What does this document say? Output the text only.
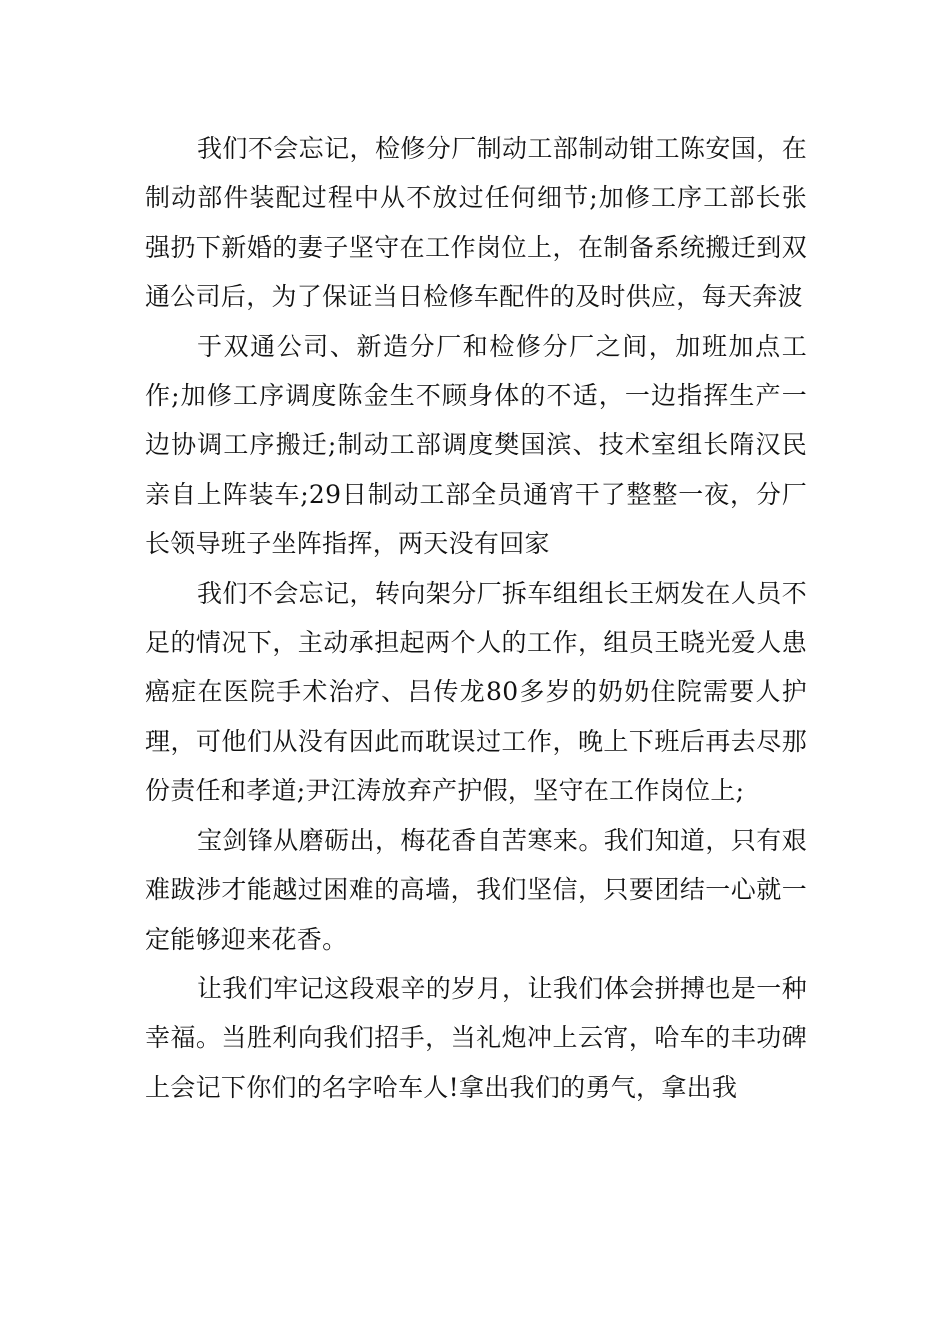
我们不会忘记，检修分厂制动工部制动钳工陈安国，在制动部件装配过程中从不放过任何细节;加修工序工部长张强扔下新婚的妻子坚守在工作岗位上，在制备系统搬迁到双通公司后，为了保证当日检修车配件的及时供应，每天奔波

于双通公司、新造分厂和检修分厂之间，加班加点工作;加修工序调度陈金生不顾身体的不适，一边指挥生产一边协调工序搬迁;制动工部调度樊国滨、技术室组长隋汉民亲自上阵装车;29日制动工部全员通宵干了整整一夜，分厂长领导班子坐阵指挥，两天没有回家

我们不会忘记，转向架分厂拆车组组长王炳发在人员不足的情况下，主动承担起两个人的工作，组员王晓光爱人患癌症在医院手术治疗、吕传龙80多岁的奶奶住院需要人护理，可他们从没有因此而耽误过工作，晚上下班后再去尽那份责任和孝道;尹江涛放弃产护假，坚守在工作岗位上;

宝剑锋从磨砺出，梅花香自苦寒来。我们知道，只有艰难跋涉才能越过困难的高墙，我们坚信，只要团结一心就一定能够迎来花香。

让我们牢记这段艰辛的岁月，让我们体会拼搏也是一种幸福。当胜利向我们招手，当礼炮冲上云宵，哈车的丰功碑上会记下你们的名字哈车人!拿出我们的勇气，拿出我
